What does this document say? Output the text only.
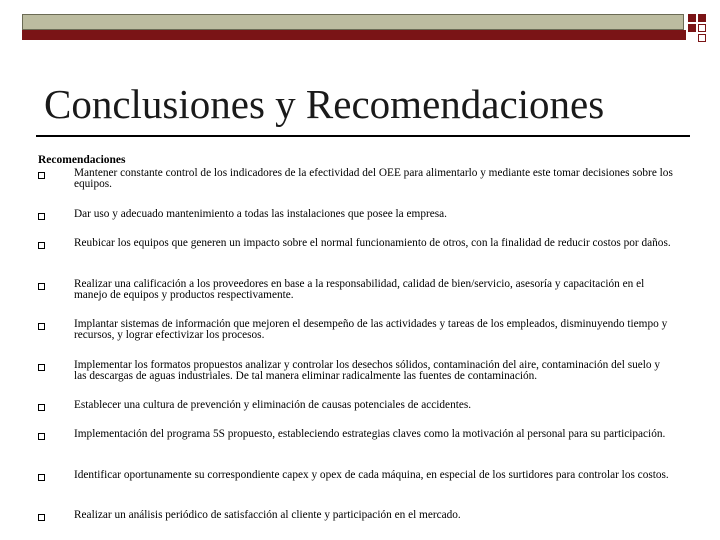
Conclusiones y Recomendaciones
Recomendaciones
Mantener constante control de los indicadores de la efectividad del OEE para alimentarlo y mediante este tomar decisiones sobre los equipos.
Dar uso y adecuado mantenimiento a todas las instalaciones que posee la empresa.
Reubicar los equipos que generen un impacto sobre el normal funcionamiento de otros, con la finalidad de reducir costos por daños.
Realizar una calificación a los proveedores en base a la responsabilidad, calidad de bien/servicio, asesoría y capacitación en el manejo de equipos y productos respectivamente.
Implantar sistemas de información que mejoren el desempeño de las actividades y tareas de los empleados, disminuyendo tiempo y recursos, y lograr efectivizar los procesos.
Implementar los formatos propuestos analizar y controlar los desechos sólidos, contaminación del aire, contaminación del suelo y las descargas de aguas industriales. De tal manera eliminar radicalmente las fuentes de contaminación.
Establecer una cultura de prevención y eliminación de causas potenciales de accidentes.
Implementación del programa 5S propuesto, estableciendo estrategias claves como la motivación al personal para su participación.
Identificar oportunamente su correspondiente capex y opex de cada máquina, en especial de los surtidores para controlar los costos.
Realizar un análisis periódico de satisfacción al cliente y participación en el mercado.
